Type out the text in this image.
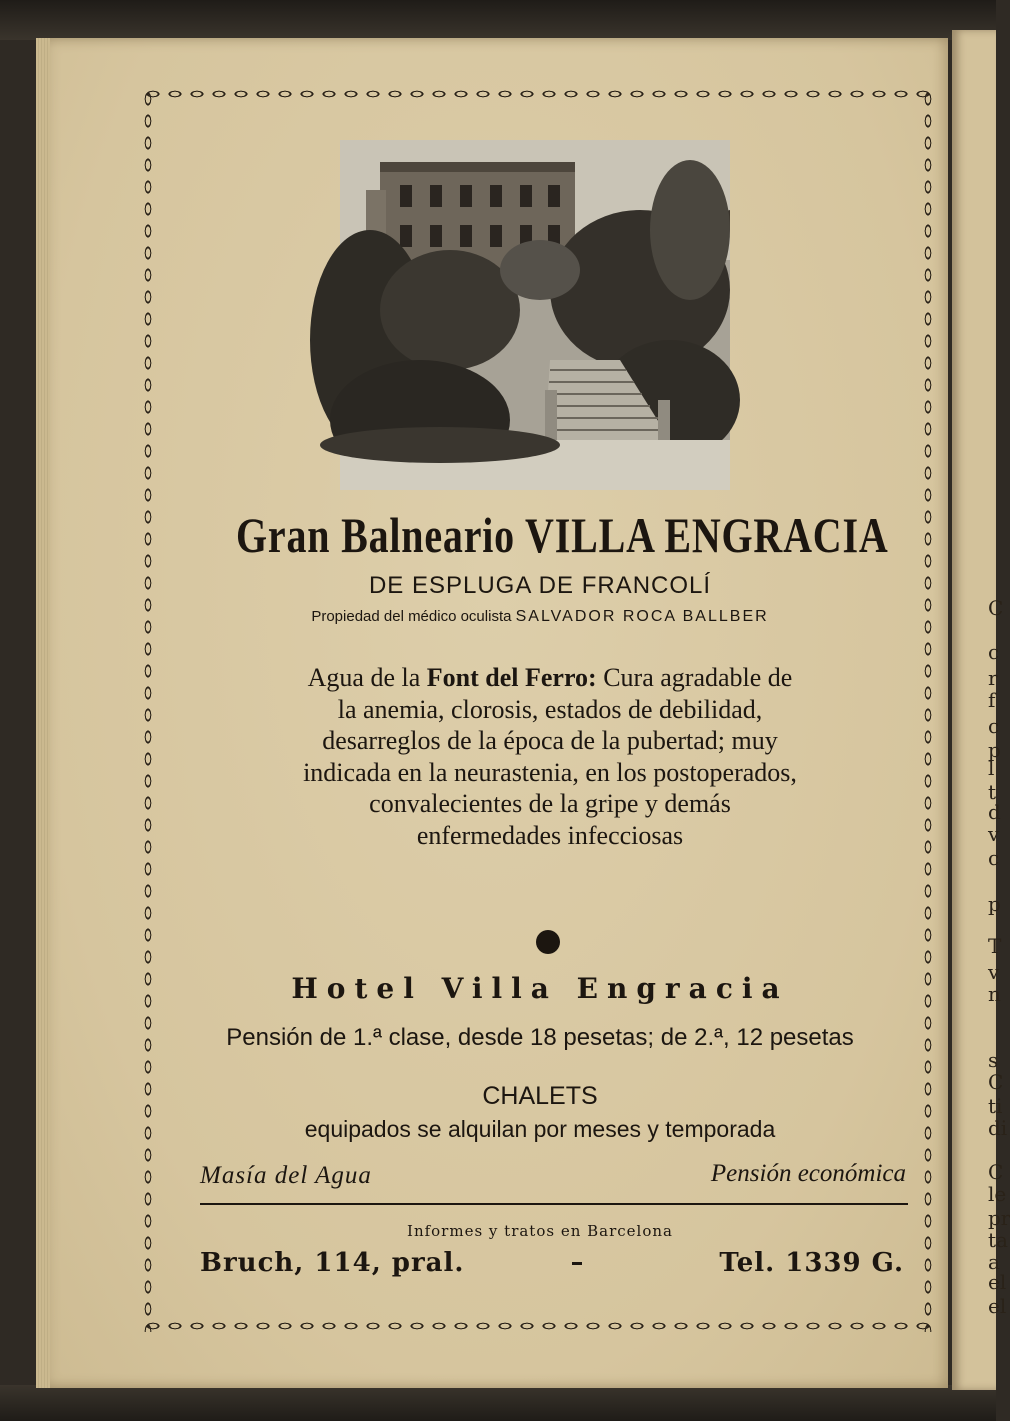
C
c
r
f
c
p
l
t
d
v
c
p
T
v
n
s
C
ti
di
C
le
pr
ta
a
el
el
Gran Balneario VILLA ENGRACIA
DE ESPLUGA DE FRANCOLÍ
Propiedad del médico oculista SALVADOR ROCA BALLBER
Agua de la Font del Ferro: Cura agradable de la anemia, clorosis, estados de debilidad, desarreglos de la época de la pubertad; muy indicada en la neurastenia, en los postoperados, convalecientes de la gripe y demás enfermedades infecciosas
Hotel Villa Engracia
Pensión de 1.ª clase, desde 18 pesetas; de 2.ª, 12 pesetas
CHALETS
equipados se alquilan por meses y temporada
Masía del Agua	Pensión económica
Informes y tratos en Barcelona
Bruch, 114, pral.	Tel. 1339 G.
